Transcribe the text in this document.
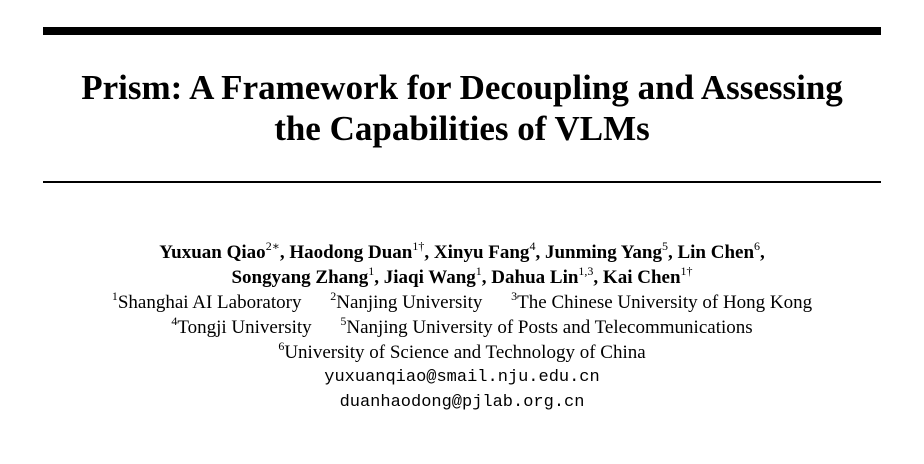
Prism: A Framework for Decoupling and Assessing
the Capabilities of VLMs
Yuxuan Qiao$^{2∗}$, Haodong Duan$^{1\dagger}$, Xinyu Fang$^4$, Junming Yang$^5$, Lin Chen$^6$,
Songyang Zhang$^1$, Jiaqi Wang$^1$, Dahua Lin$^{1,3}$, Kai Chen$^{1\dagger}$
$^1$Shanghai AI Laboratory $^2$Nanjing University $^3$The Chinese University of Hong Kong
$^4$Tongji University $^5$Nanjing University of Posts and Telecommunications
$^6$University of Science and Technology of China
yuxuanqiao@smail.nju.edu.cn
duanhaodong@pjlab.org.cn
